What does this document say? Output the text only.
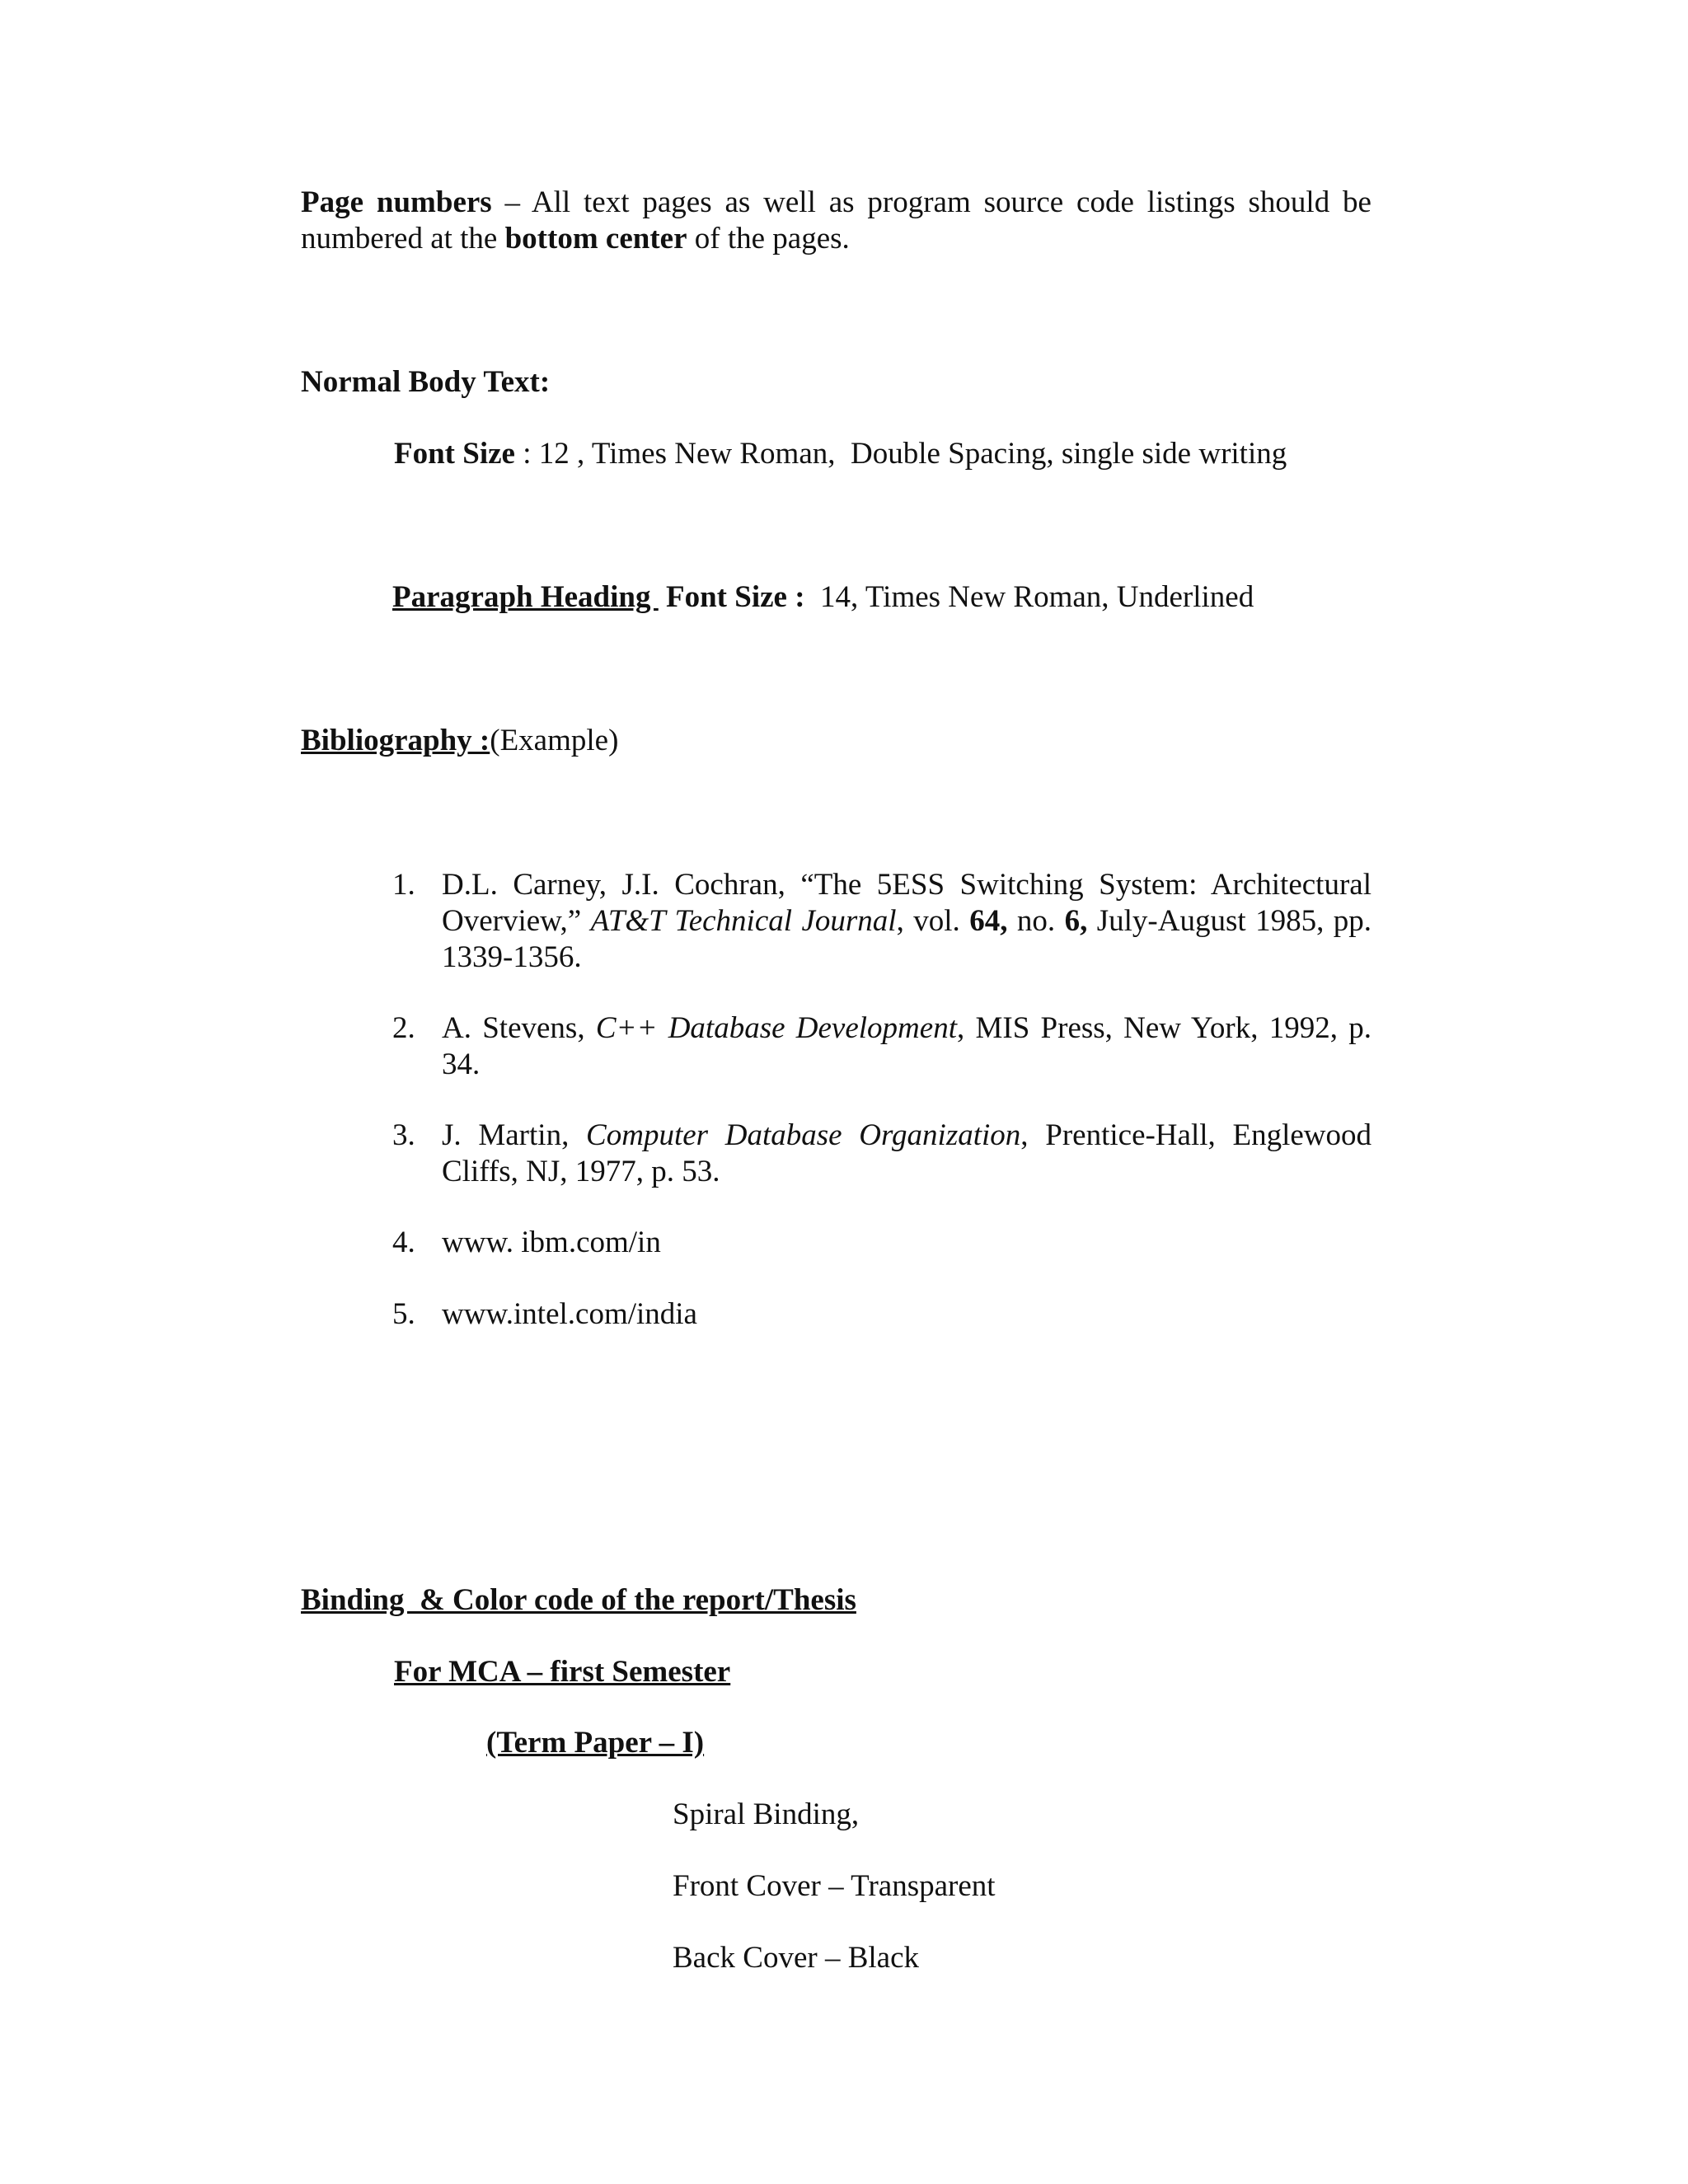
Page numbers – All text pages as well as program source code listings should be numbered at the bottom center of the pages.
Normal Body Text:
Font Size : 12 , Times New Roman,  Double Spacing, single side writing
Paragraph Heading  Font Size :  14, Times New Roman, Underlined
Bibliography :(Example)
1. D.L. Carney, J.I. Cochran, “The 5ESS Switching System: Architectural Overview,” AT&T Technical Journal, vol. 64, no. 6, July-August 1985, pp. 1339-1356.
2. A. Stevens, C++ Database Development, MIS Press, New York, 1992, p. 34.
3. J. Martin, Computer Database Organization, Prentice-Hall, Englewood Cliffs, NJ, 1977, p. 53.
4. www. ibm.com/in
5. www.intel.com/india
Binding  & Color code of the report/Thesis
For MCA – first Semester
(Term Paper – I)
Spiral Binding,
Front Cover – Transparent
Back Cover – Black
